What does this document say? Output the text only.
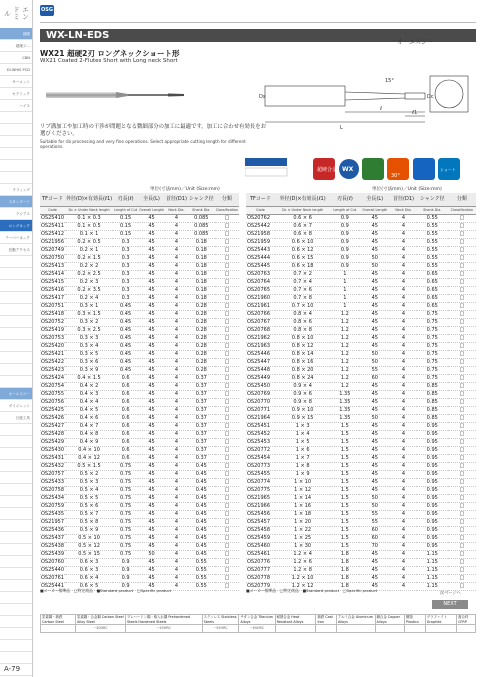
エンドミル
超硬
超硬ジ...
CBN
DI.WHIS PCD
サーメット
セラミック
ハイス
ラフィング
スタンダード
ラジアス
ロングネック
テーパーネック
長腕アクセス
オーエスジー
ダイジェット
日進工具
A-79
OSG
WX-LN-EDS
オーエスジー
WX21 超硬2刃 ロングネックショート形
WX21 Coated 2-Flutes Short with Long neck Short
15°
Ds
ℓ1
ℓ
L
Dc
リブ溝加工や加工時の干渉が問題となる微細部分の加工に最適です。加工に合わせ有効長をお選びください。
Suitable for rib processing and very fine operations. Select appropriate cutting length for different operations.
超硬合金 WX
30°
ショート
単位(寸法mm)／Unit (Size:mm)	単位(寸法mm)／Unit (Size:mm)
TFコード	外径(D)×有効長(ℓ1)	刃長(ℓ)	全長(L)	首径(D1)	シャンク径	分類
Code	Dc × Under Neck length	Length of Cut	Overall Length	Neck Dia.	Shank Dia.	Classification
OS25410	0.1 × 0.3	0.15	45	4	0.085	□
OS25411	0.1 × 0.5	0.15	45	4	0.085	□
OS25412	0.1 × 1	0.15	45	4	0.085	□
OS21956	0.2 × 0.5	0.3	45	4	0.18	□
OS20749	0.2 × 1	0.3	45	4	0.18	□
OS20750	0.2 × 1.5	0.3	45	4	0.18	□
OS25413	0.2 × 2	0.3	45	4	0.18	□
OS25414	0.2 × 2.5	0.3	45	4	0.18	□
OS25415	0.2 × 3	0.3	45	4	0.18	□
OS25416	0.2 × 3.5	0.3	45	4	0.18	□
OS25417	0.2 × 4	0.3	45	4	0.18	□
OS20751	0.3 × 1	0.45	45	4	0.28	□
OS25418	0.3 × 1.5	0.45	45	4	0.28	□
OS20752	0.3 × 2	0.45	45	4	0.28	□
OS25419	0.3 × 2.5	0.45	45	4	0.28	□
OS20753	0.3 × 3	0.45	45	4	0.28	□
OS25420	0.3 × 4	0.45	45	4	0.28	□
OS25421	0.3 × 5	0.45	45	4	0.28	□
OS25422	0.3 × 6	0.45	45	4	0.28	□
OS25423	0.3 × 9	0.45	45	4	0.28	□
OS25424	0.4 × 1.5	0.6	45	4	0.37	□
OS20754	0.4 × 2	0.6	45	4	0.37	□
OS20755	0.4 × 3	0.6	45	4	0.37	□
OS20756	0.4 × 4	0.6	45	4	0.37	□
OS25425	0.4 × 5	0.6	45	4	0.37	□
OS25426	0.4 × 6	0.6	45	4	0.37	□
OS25427	0.4 × 7	0.6	45	4	0.37	□
OS25428	0.4 × 8	0.6	45	4	0.37	□
OS25429	0.4 × 9	0.6	45	4	0.37	□
OS25430	0.4 × 10	0.6	45	4	0.37	□
OS25431	0.4 × 12	0.6	45	4	0.37	□
OS25432	0.5 × 1.5	0.75	45	4	0.45	□
OS20757	0.5 × 2	0.75	45	4	0.45	□
OS25433	0.5 × 3	0.75	45	4	0.45	□
OS20758	0.5 × 4	0.75	45	4	0.45	□
OS25434	0.5 × 5	0.75	45	4	0.45	□
OS20759	0.5 × 6	0.75	45	4	0.45	□
OS25435	0.5 × 7	0.75	45	4	0.45	□
OS21957	0.5 × 8	0.75	45	4	0.45	□
OS25436	0.5 × 9	0.75	45	4	0.45	□
OS25437	0.5 × 10	0.75	45	4	0.45	□
OS25438	0.5 × 12	0.75	45	4	0.45	□
OS25439	0.5 × 15	0.75	50	4	0.45	□
OS20760	0.6 × 3	0.9	45	4	0.55	□
OS25440	0.6 × 3	0.9	45	4	0.55	□
OS20761	0.6 × 4	0.9	45	4	0.55	□
OS25441	0.6 × 5	0.9	45	4	0.55	□
TFコード	外径(D)×有効長(ℓ1)	刃長(ℓ)	全長(L)	首径(D1)	シャンク径	分類
Code	Dc × Under Neck length	Length of Cut	Overall Length	Neck Dia.	Shank Dia.	Classification
OS20762	0.6 × 6	0.9	45	4	0.55	□
OS25442	0.6 × 7	0.9	45	4	0.55	□
OS21958	0.6 × 8	0.9	45	4	0.55	□
OS21959	0.6 × 10	0.9	45	4	0.55	□
OS25443	0.6 × 12	0.9	45	4	0.55	□
OS25444	0.6 × 15	0.9	50	4	0.55	□
OS25445	0.6 × 18	0.9	50	4	0.55	□
OS20763	0.7 × 2	1	45	4	0.65	□
OS20764	0.7 × 4	1	45	4	0.65	□
OS20765	0.7 × 6	1	45	4	0.65	□
OS21960	0.7 × 8	1	45	4	0.65	□
OS21961	0.7 × 10	1	45	4	0.65	□
OS20766	0.8 × 4	1.2	45	4	0.75	□
OS20767	0.8 × 6	1.2	45	4	0.75	□
OS20768	0.8 × 8	1.2	45	4	0.75	□
OS21962	0.8 × 10	1.2	45	4	0.75	□
OS21963	0.8 × 12	1.2	45	4	0.75	□
OS25446	0.8 × 14	1.2	50	4	0.75	□
OS25447	0.8 × 16	1.2	50	4	0.75	□
OS25448	0.8 × 20	1.2	55	4	0.75	□
OS25449	0.8 × 24	1.2	60	4	0.75	□
OS25450	0.9 × 4	1.2	45	4	0.85	□
OS20769	0.9 × 6	1.35	45	4	0.85	□
OS20770	0.9 × 8	1.35	45	4	0.85	□
OS20771	0.9 × 10	1.35	45	4	0.85	□
OS21964	0.9 × 15	1.35	50	4	0.85	□
OS25451	1 × 3	1.5	45	4	0.95	□
OS25452	1 × 4	1.5	45	4	0.95	□
OS25453	1 × 5	1.5	45	4	0.95	□
OS20772	1 × 6	1.5	45	4	0.95	□
OS25454	1 × 7	1.5	45	4	0.95	□
OS20773	1 × 8	1.5	45	4	0.95	□
OS25455	1 × 9	1.5	45	4	0.95	□
OS20774	1 × 10	1.5	45	4	0.95	□
OS20775	1 × 12	1.5	45	4	0.95	□
OS21965	1 × 14	1.5	50	4	0.95	□
OS21966	1 × 16	1.5	50	4	0.95	□
OS25456	1 × 18	1.5	55	4	0.95	□
OS25457	1 × 20	1.5	55	4	0.95	□
OS25458	1 × 22	1.5	60	4	0.95	□
OS25459	1 × 25	1.5	60	4	0.95	□
OS25460	1 × 30	1.5	70	4	0.95	□
OS25461	1.2 × 4	1.8	45	4	1.15	□
OS20776	1.2 × 6	1.8	45	4	1.15	□
OS20777	1.2 × 8	1.8	45	4	1.15	□
OS20778	1.2 × 10	1.8	45	4	1.15	□
OS20779	1.2 × 12	1.8	45	4	1.15	□
■メーカー標準品　□特定商品　■Standard product　□Specific product	■メーカー標準品　□特定商品　■Standard product　□Specific product	次ページへ
NEXT
炭素鋼・鋳鉄 Carbon Steel	炭素鋼・合金鋼 Carbon Steel Alloy Steel	プレハードン鋼・焼入れ鋼 Prehardened Steels Hardened Steels	ステンレス Stainless Steels	チタン合金 Titanium Alloys	耐熱合金 Heat Resistant Alloys	鋳鉄 Cast Iron	アルミ合金 Aluminum Alloys	銅合金 Copper Alloys	樹脂 Plastics	グラファイト Graphite	複合材 CFRP
	~30HRC	~45HRC	~55HRC	~65HRC							
